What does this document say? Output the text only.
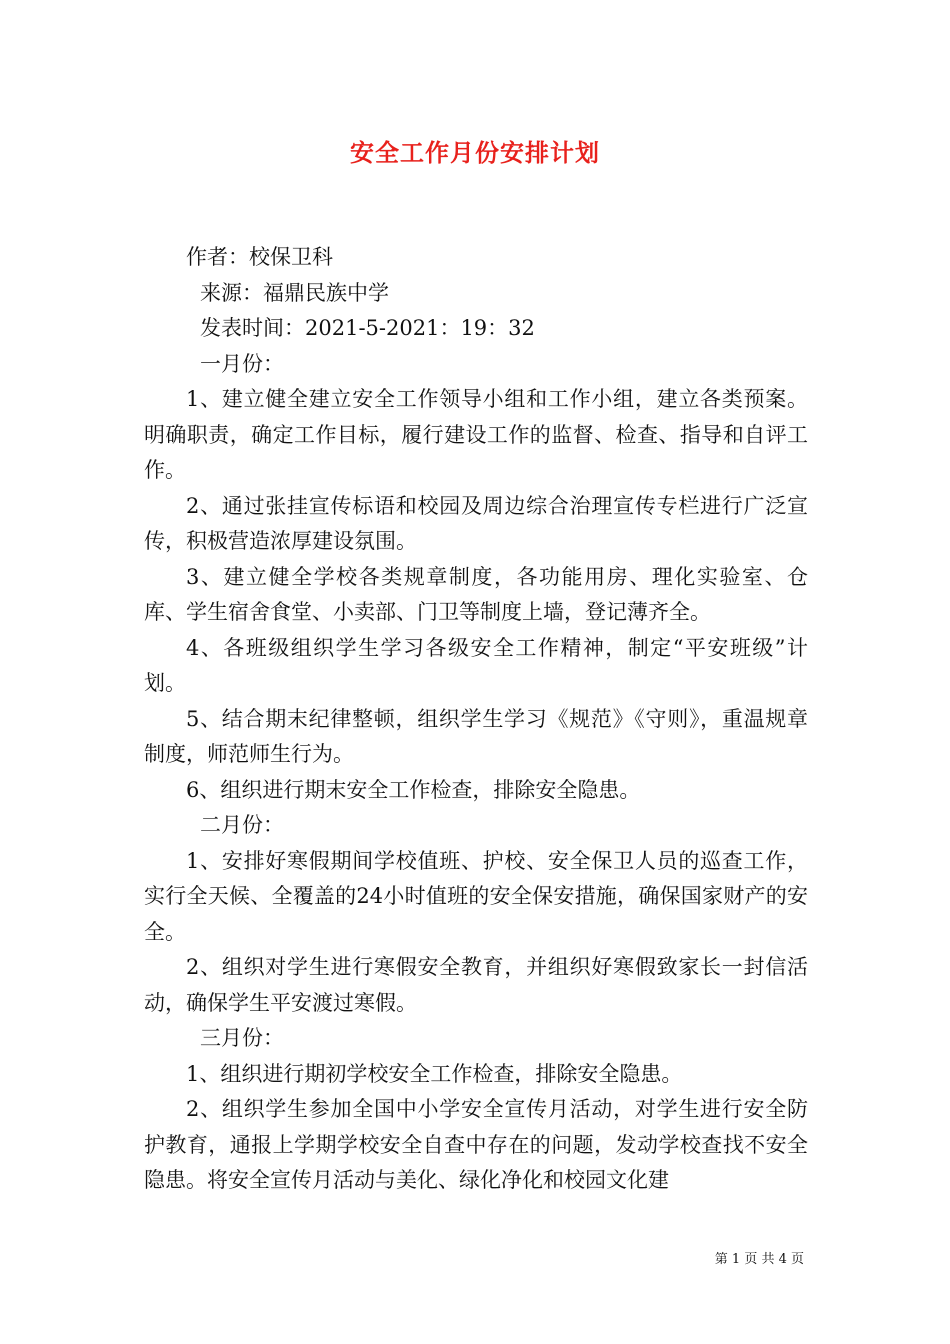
安全工作月份安排计划

作者：校保卫科

来源：福鼎民族中学

发表时间：2021-5-2021：19：32

一月份：

1、建立健全建立安全工作领导小组和工作小组，建立各类预案。明确职责，确定工作目标，履行建设工作的监督、检查、指导和自评工作。

2、通过张挂宣传标语和校园及周边综合治理宣传专栏进行广泛宣传，积极营造浓厚建设氛围。

3、建立健全学校各类规章制度，各功能用房、理化实验室、仓库、学生宿舍食堂、小卖部、门卫等制度上墙，登记薄齐全。

4、各班级组织学生学习各级安全工作精神，制定“平安班级”计划。

5、结合期末纪律整顿，组织学生学习《规范》《守则》，重温规章制度，师范师生行为。

6、组织进行期末安全工作检查，排除安全隐患。

二月份：

1、安排好寒假期间学校值班、护校、安全保卫人员的巡查工作，实行全天候、全覆盖的24小时值班的安全保安措施，确保国家财产的安全。

2、组织对学生进行寒假安全教育，并组织好寒假致家长一封信活动，确保学生平安渡过寒假。

三月份：

1、组织进行期初学校安全工作检查，排除安全隐患。

2、组织学生参加全国中小学安全宣传月活动，对学生进行安全防护教育，通报上学期学校安全自查中存在的问题，发动学校查找不安全隐患。将安全宣传月活动与美化、绿化净化和校园文化建

第 1 页 共 4 页
